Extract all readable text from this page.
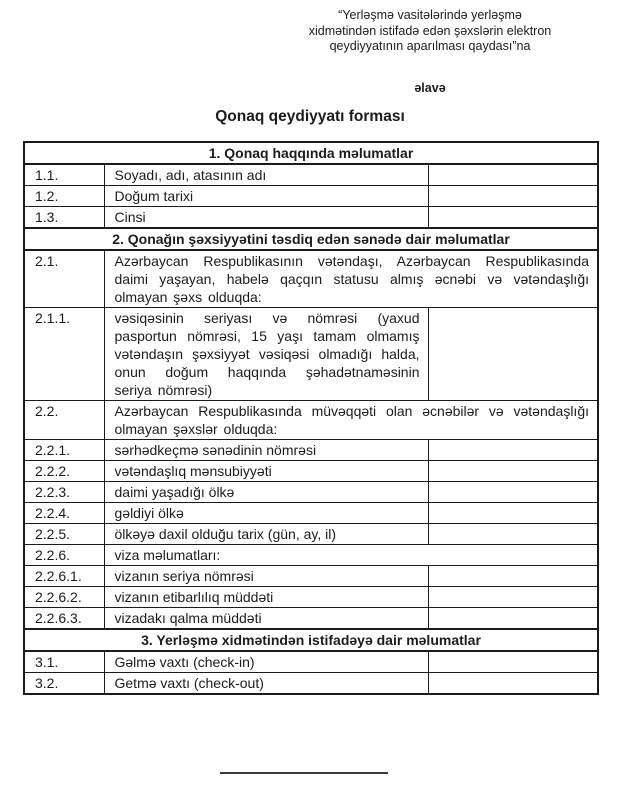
“Yerləşmə vasitələrində yerləşmə
xidmətindən istifadə edən şəxslərin elektron
qeydiyyatının aparılması qaydası”na
əlavə
Qonaq qeydiyyatı forması
1. Qonaq haqqında məlumatlar		
1.1.	Soyadı, adı, atasının adı	
1.2.	Doğum tarixi	
1.3.	Cinsi	
2. Qonağın şəxsiyyətini təsdiq edən sənədə dair məlumatlar		
2.1.	Azərbaycan Respublikasının vətəndaşı, Azərbaycan Respublikasında daimi yaşayan, habelə qaçqın statusu almış əcnəbi və vətəndaşlığı olmayan şəxs olduqda:	
2.1.1.	vəsiqəsinin seriyası və nömrəsi (yaxud pasportun nömrəsi, 15 yaşı tamam olmamış vətəndaşın şəxsiyyət vəsiqəsi olmadığı halda, onun doğum haqqında şəhadətnaməsinin seriya nömrəsi)	
2.2.	Azərbaycan Respublikasında müvəqqəti olan əcnəbilər və vətəndaşlığı olmayan şəxslər olduqda:	
2.2.1.	sərhədkeçmə sənədinin nömrəsi	
2.2.2.	vətəndaşlıq mənsubiyyəti	
2.2.3.	daimi yaşadığı ölkə	
2.2.4.	gəldiyi ölkə	
2.2.5.	ölkəyə daxil olduğu tarix (gün, ay, il)	
2.2.6.	viza məlumatları:	
2.2.6.1.	vizanın seriya nömrəsi	
2.2.6.2.	vizanın etibarlılıq müddəti	
2.2.6.3.	vizadakı qalma müddəti	
3. Yerləşmə xidmətindən istifadəyə dair məlumatlar		
3.1.	Gəlmə vaxtı (check-in)	
3.2.	Getmə vaxtı (check-out)	
